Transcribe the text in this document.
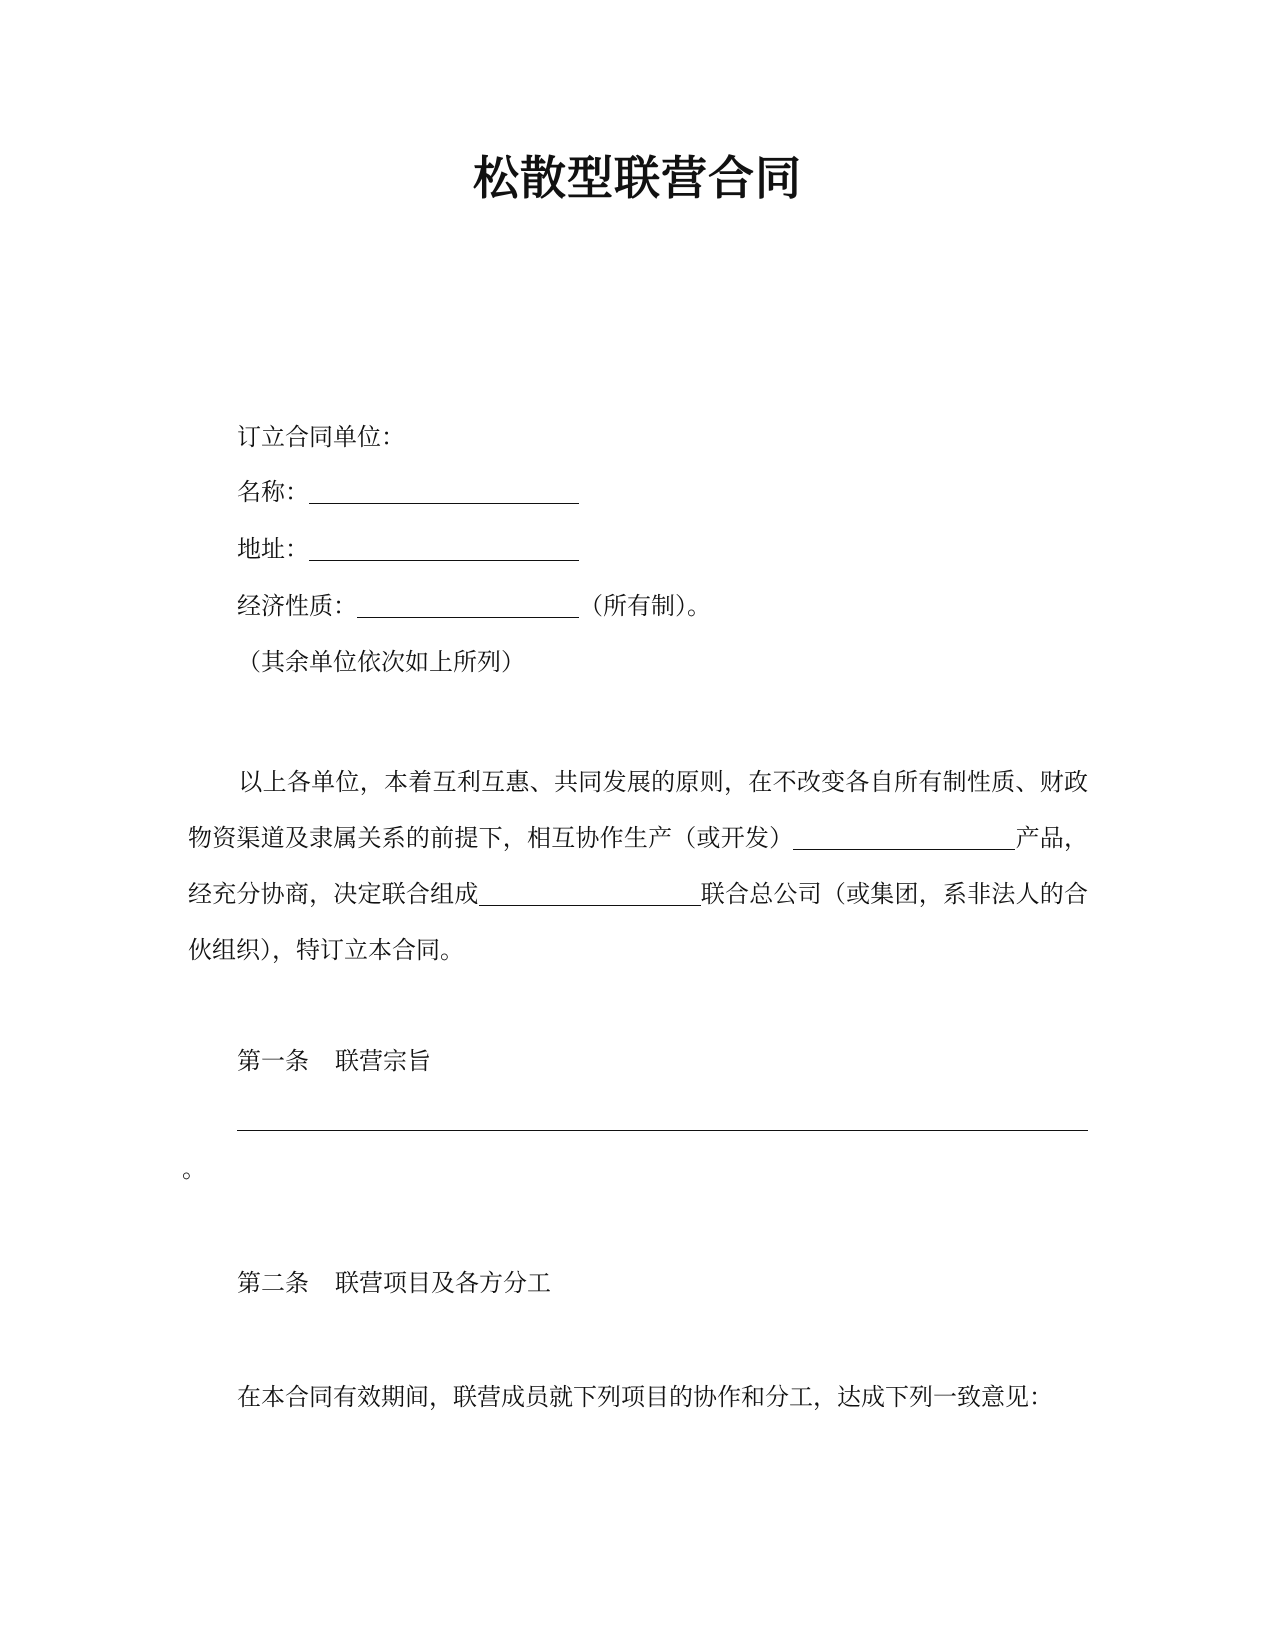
松散型联营合同
订立合同单位：
名称：
地址：
经济性质：	（所有制）。
（其余单位依次如上所列）
以上各单位，本着互利互惠、共同发展的原则，在不改变各自所有制性质、财政物资渠道及隶属关系的前提下，相互协作生产（或开发）	产品，经充分协商，决定联合组成	联合总公司（或集团，系非法人的合伙组织），特订立本合同。
第一条 联营宗旨
。
第二条 联营项目及各方分工
在本合同有效期间，联营成员就下列项目的协作和分工，达成下列一致意见：
